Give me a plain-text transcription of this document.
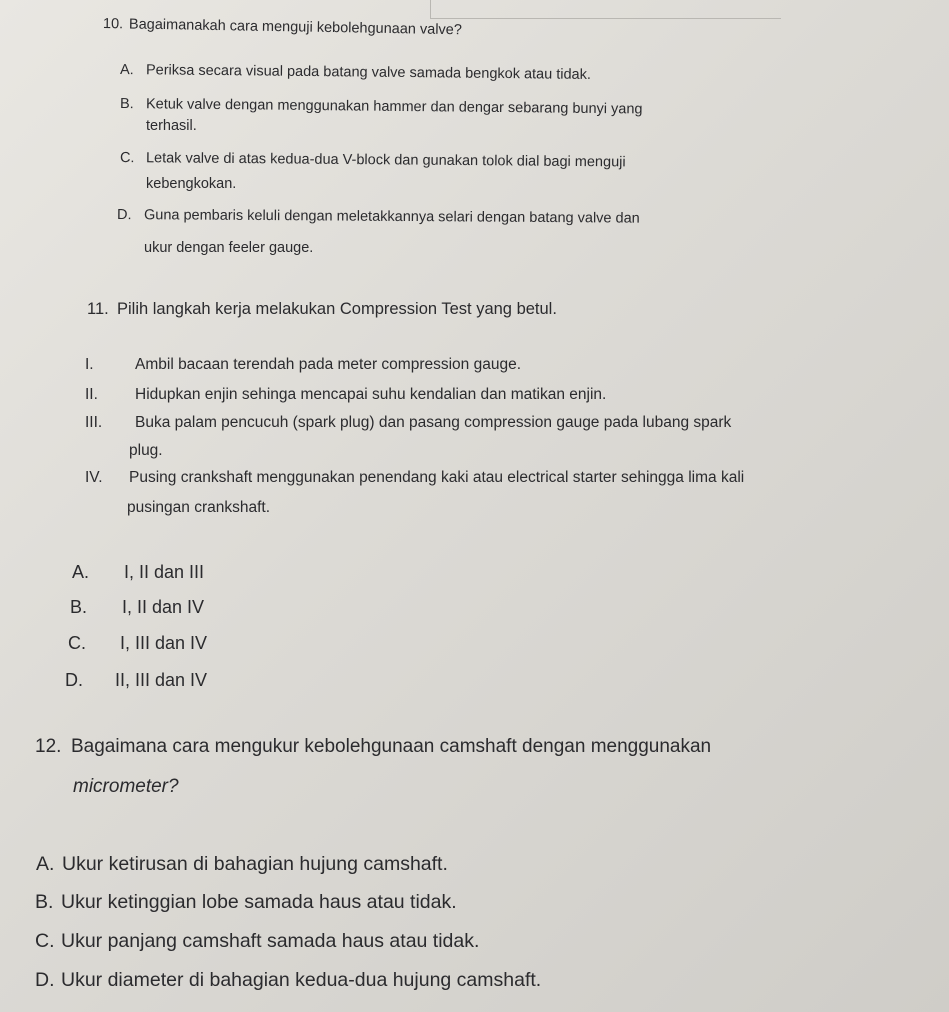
10. Bagaimanakah cara menguji kebolehgunaan valve?
A. Periksa secara visual pada batang valve samada bengkok atau tidak.
B. Ketuk valve dengan menggunakan hammer dan dengar sebarang bunyi yang
terhasil.
C. Letak valve di atas kedua-dua V-block dan gunakan tolok dial bagi menguji
kebengkokan.
D. Guna pembaris keluli dengan meletakkannya selari dengan batang valve dan
ukur dengan feeler gauge.
11. Pilih langkah kerja melakukan Compression Test yang betul.
I.	Ambil bacaan terendah pada meter compression gauge.
II. Hidupkan enjin sehinga mencapai suhu kendalian dan matikan enjin.
III. Buka palam pencucuh (spark plug) dan pasang compression gauge pada lubang spark
plug.
IV. Pusing crankshaft menggunakan penendang kaki atau electrical starter sehingga lima kali
pusingan crankshaft.
A. I, II dan III
B. I, II dan IV
C. I, III dan IV
D. II, III dan IV
12. Bagaimana cara mengukur kebolehgunaan camshaft dengan menggunakan
micrometer?
A. Ukur ketirusan di bahagian hujung camshaft.
B. Ukur ketinggian lobe samada haus atau tidak.
C. Ukur panjang camshaft samada haus atau tidak.
D. Ukur diameter di bahagian kedua-dua hujung camshaft.
